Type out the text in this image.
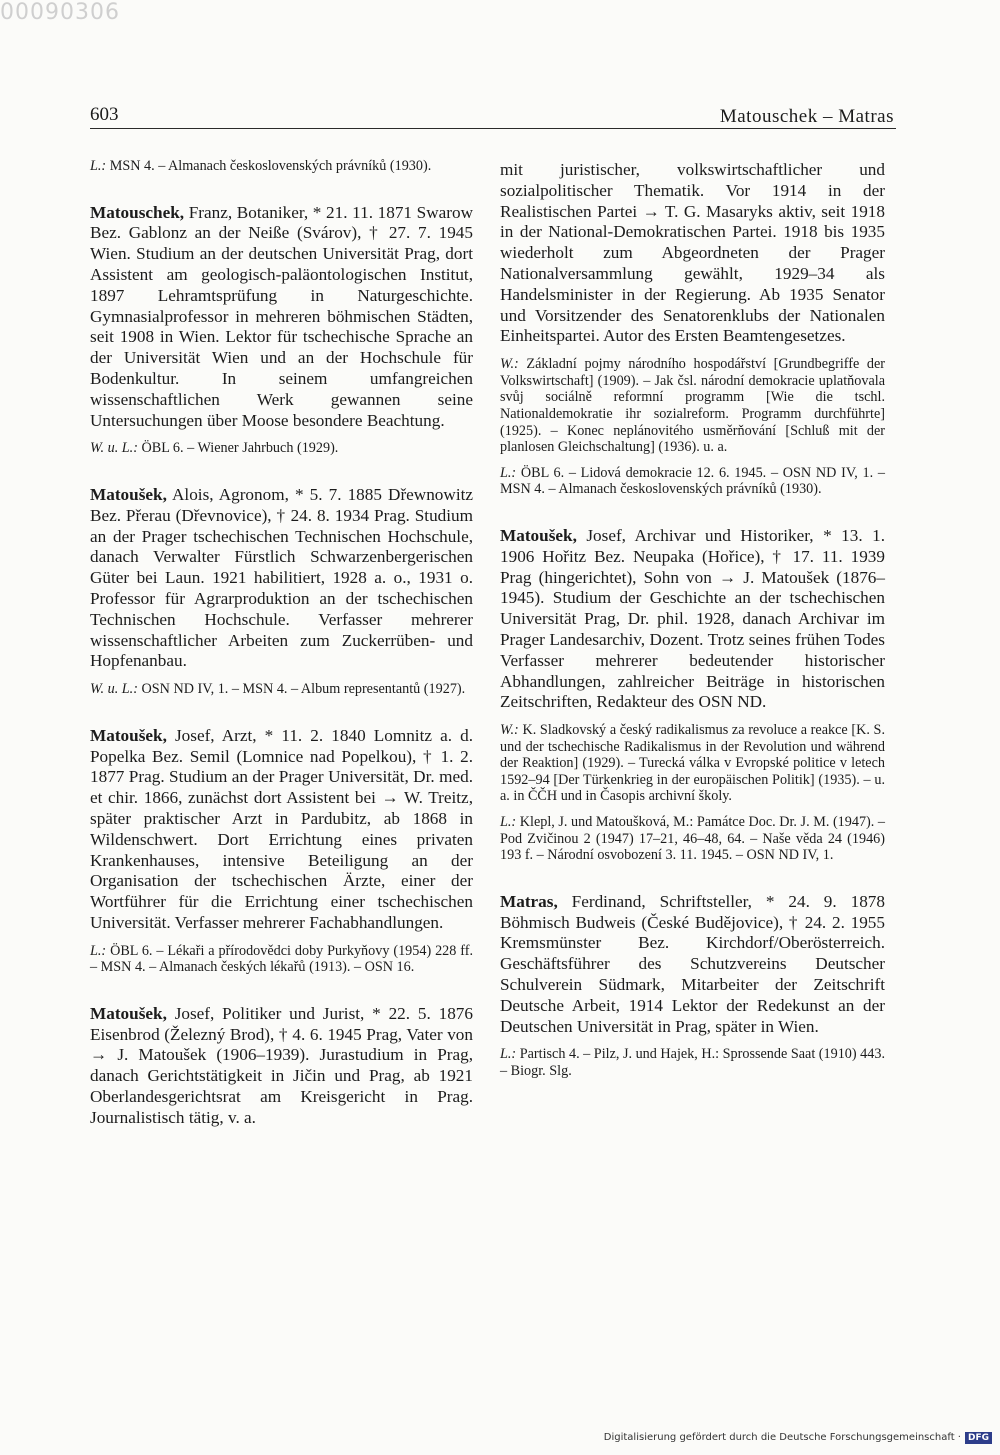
00090306
603	Matouschek – Matras

L.: MSN 4. – Almanach československých právníků (1930).

Matouschek, Franz, Botaniker, * 21. 11. 1871 Swarow Bez. Gablonz an der Neiße (Svárov), † 27. 7. 1945 Wien. Studium an der deutschen Universität Prag, dort Assistent am geologisch-paläontologischen Institut, 1897 Lehramtsprüfung in Naturgeschichte. Gymnasialprofessor in mehreren böhmischen Städten, seit 1908 in Wien. Lektor für tschechische Sprache an der Universität Wien und an der Hochschule für Bodenkultur. In seinem umfangreichen wissenschaftlichen Werk gewannen seine Untersuchungen über Moose besondere Beachtung.

W. u. L.: ÖBL 6. – Wiener Jahrbuch (1929).

Matoušek, Alois, Agronom, * 5. 7. 1885 Dřewnowitz Bez. Přerau (Dřevnovice), † 24. 8. 1934 Prag. Studium an der Prager tschechischen Technischen Hochschule, danach Verwalter Fürstlich Schwarzenbergerischen Güter bei Laun. 1921 habilitiert, 1928 a. o., 1931 o. Professor für Agrarproduktion an der tschechischen Technischen Hochschule. Verfasser mehrerer wissenschaftlicher Arbeiten zum Zuckerrüben- und Hopfenanbau.

W. u. L.: OSN ND IV, 1. – MSN 4. – Album representantů (1927).

Matoušek, Josef, Arzt, * 11. 2. 1840 Lomnitz a. d. Popelka Bez. Semil (Lomnice nad Popelkou), † 1. 2. 1877 Prag. Studium an der Prager Universität, Dr. med. et chir. 1866, zunächst dort Assistent bei → W. Treitz, später praktischer Arzt in Pardubitz, ab 1868 in Wildenschwert. Dort Errichtung eines privaten Krankenhauses, intensive Beteiligung an der Organisation der tschechischen Ärzte, einer der Wortführer für die Errichtung einer tschechischen Universität. Verfasser mehrerer Fachabhandlungen.

L.: ÖBL 6. – Lékaři a přírodovědci doby Purkyňovy (1954) 228 ff. – MSN 4. – Almanach českých lékařů (1913). – OSN 16.

Matoušek, Josef, Politiker und Jurist, * 22. 5. 1876 Eisenbrod (Železný Brod), † 4. 6. 1945 Prag, Vater von → J. Matoušek (1906–1939). Jurastudium in Prag, danach Gerichtstätigkeit in Jičin und Prag, ab 1921 Oberlandesgerichtsrat am Kreisgericht in Prag. Journalistisch tätig, v. a.

mit juristischer, volkswirtschaftlicher und sozialpolitischer Thematik. Vor 1914 in der Realistischen Partei → T. G. Masaryks aktiv, seit 1918 in der National-Demokratischen Partei. 1918 bis 1935 wiederholt zum Abgeordneten der Prager Nationalversammlung gewählt, 1929–34 als Handelsminister in der Regierung. Ab 1935 Senator und Vorsitzender des Senatorenklubs der Nationalen Einheitspartei. Autor des Ersten Beamtengesetzes.

W.: Základní pojmy národního hospodářství [Grundbegriffe der Volkswirtschaft] (1909). – Jak čsl. národní demokracie uplatňovala svůj sociálně reformní programm [Wie die tschl. Nationaldemokratie ihr sozialreform. Programm durchführte] (1925). – Konec neplánovitého usměrňování [Schluß mit der planlosen Gleichschaltung] (1936). u. a.

L.: ÖBL 6. – Lidová demokracie 12. 6. 1945. – OSN ND IV, 1. – MSN 4. – Almanach československých právníků (1930).

Matoušek, Josef, Archivar und Historiker, * 13. 1. 1906 Hořitz Bez. Neupaka (Hořice), † 17. 11. 1939 Prag (hingerichtet), Sohn von → J. Matoušek (1876–1945). Studium der Geschichte an der tschechischen Universität Prag, Dr. phil. 1928, danach Archivar im Prager Landesarchiv, Dozent. Trotz seines frühen Todes Verfasser mehrerer bedeutender historischer Abhandlungen, zahlreicher Beiträge in historischen Zeitschriften, Redakteur des OSN ND.

W.: K. Sladkovský a český radikalismus za revoluce a reakce [K. S. und der tschechische Radikalismus in der Revolution und während der Reaktion] (1929). – Turecká válka v Evropské politice v letech 1592–94 [Der Türkenkrieg in der europäischen Politik] (1935). – u. a. in ČČH und in Časopis archivní školy.

L.: Klepl, J. und Matoušková, M.: Památce Doc. Dr. J. M. (1947). – Pod Zvičinou 2 (1947) 17–21, 46–48, 64. – Naše věda 24 (1946) 193 f. – Národní osvobození 3. 11. 1945. – OSN ND IV, 1.

Matras, Ferdinand, Schriftsteller, * 24. 9. 1878 Böhmisch Budweis (České Budějovice), † 24. 2. 1955 Kremsmünster Bez. Kirchdorf/Oberösterreich. Geschäftsführer des Schutzvereins Deutscher Schulverein Südmark, Mitarbeiter der Zeitschrift Deutsche Arbeit, 1914 Lektor der Redekunst an der Deutschen Universität in Prag, später in Wien.

L.: Partisch 4. – Pilz, J. und Hajek, H.: Sprossende Saat (1910) 443. – Biogr. Slg.

Digitalisierung gefördert durch die Deutsche Forschungsgemeinschaft · DFG
